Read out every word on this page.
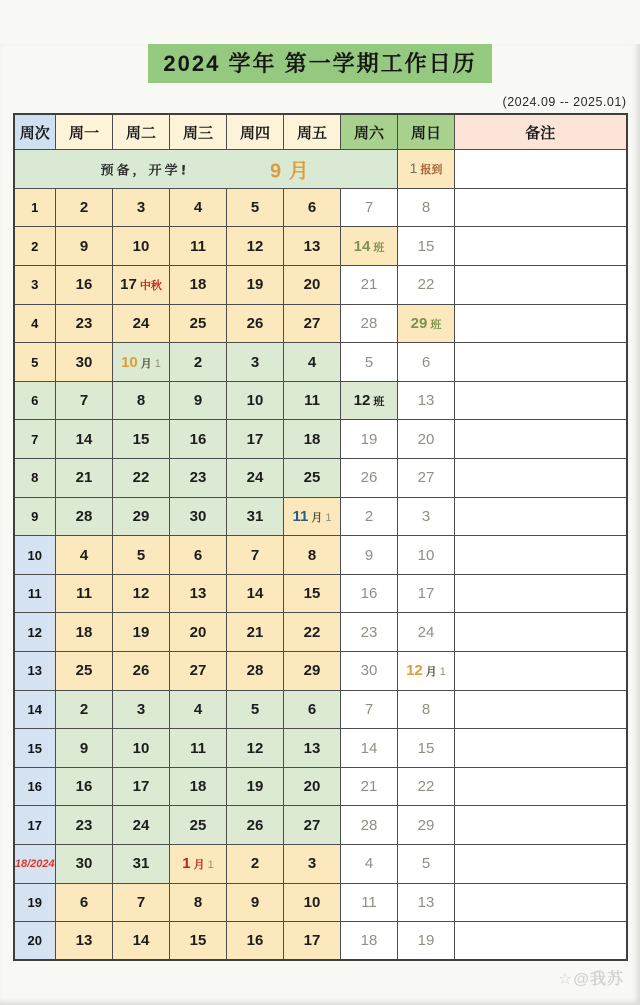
2024 学年 第一学期工作日历
(2024.09 -- 2025.01)
周次	周一	周二	周三	周四	周五	周六	周日	备注

预备，开学! 9 月							1 报到	
1	2	3	4	5	6	7	8	
2	9	10	11	12	13	14 班	15	
3	16	17 中秋	18	19	20	21	22	
4	23	24	25	26	27	28	29 班	
5	30	10 月 1	2	3	4	5	6	
6	7	8	9	10	11	12 班	13	
7	14	15	16	17	18	19	20	
8	21	22	23	24	25	26	27	
9	28	29	30	31	11 月 1	2	3	
10	4	5	6	7	8	9	10	
11	11	12	13	14	15	16	17	
12	18	19	20	21	22	23	24	
13	25	26	27	28	29	30	12 月 1	
14	2	3	4	5	6	7	8	
15	9	10	11	12	13	14	15	
16	16	17	18	19	20	21	22	
17	23	24	25	26	27	28	29	
18/2024	30	31	1 月 1	2	3	4	5	
19	6	7	8	9	10	11	13	
20	13	14	15	16	17	18	19	
☆@我苏
